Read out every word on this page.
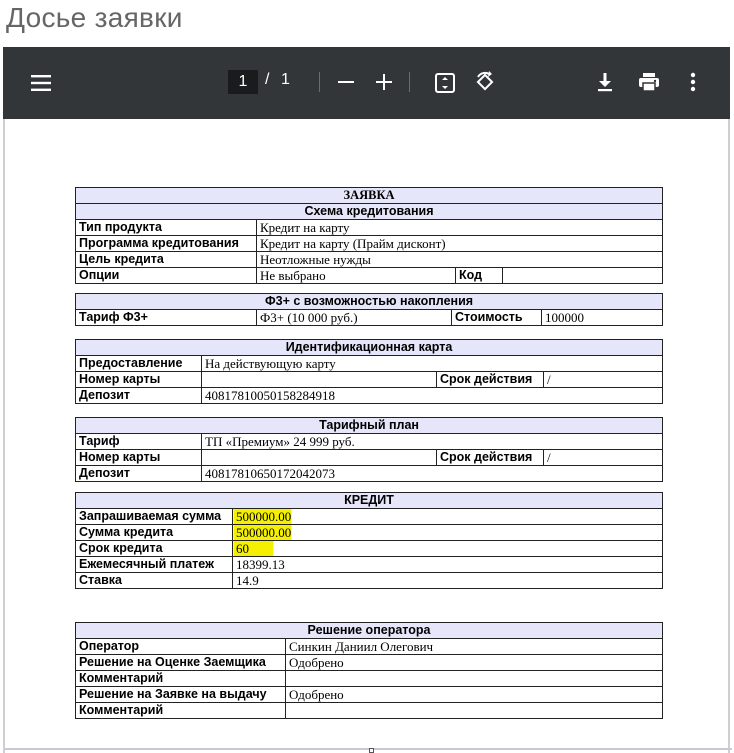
Досье заявки
1	/ 1
ЗАЯВКА			
Схема кредитования			
Тип продукта	Кредит на карту		
Программа кредитования	Кредит на карту (Прайм дисконт)		
Цель кредита	Неотложные нужды		
Опции	Не выбрано	Код	
Ф3+ с возможностью накопления
Тариф Ф3+	Ф3+ (10 000 руб.)	Стоимость	100000
Идентификационная карта			
Предоставление	На действующую карту		
Номер карты		Срок действия	/
Депозит	40817810050158284918		
Тарифный план			
Тариф	ТП «Премиум» 24 999 руб.		
Номер карты		Срок действия	/
Депозит	40817810650172042073		
КРЕДИТ	
Запрашиваемая сумма	500000.00
Сумма кредита	500000.00
Срок кредита	60
Ежемесячный платеж	18399.13
Ставка	14.9
Решение оператора	
Оператор	Синкин Даниил Олегович
Решение на Оценке Заемщика	Одобрено
Комментарий	
Решение на Заявке на выдачу	Одобрено
Комментарий	
